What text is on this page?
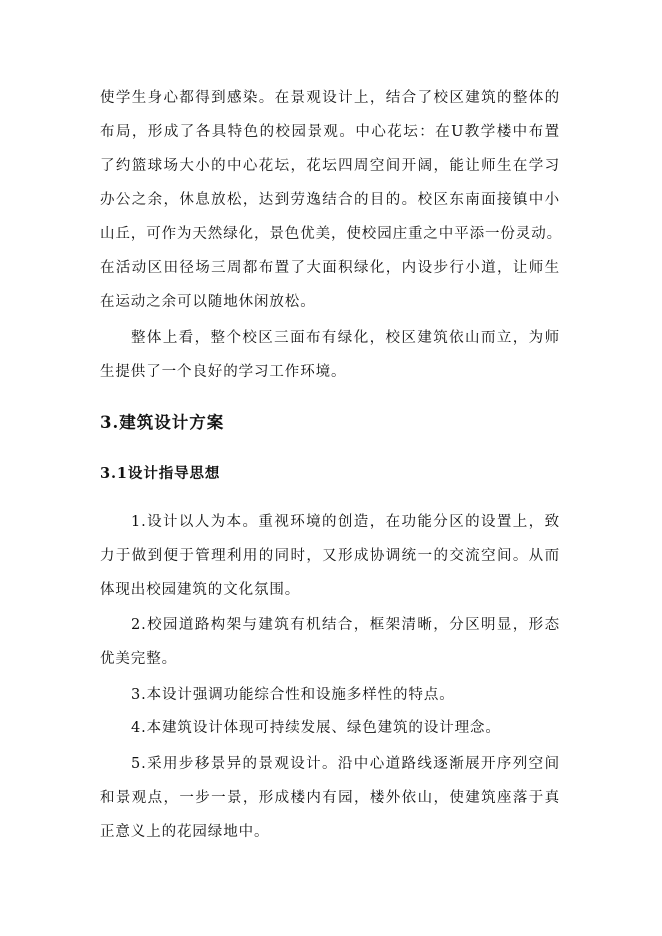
使学生身心都得到感染。在景观设计上，结合了校区建筑的整体的
布局，形成了各具特色的校园景观。中心花坛：在U教学楼中布置
了约篮球场大小的中心花坛，花坛四周空间开阔，能让师生在学习
办公之余，休息放松，达到劳逸结合的目的。校区东南面接镇中小
山丘，可作为天然绿化，景色优美，使校园庄重之中平添一份灵动。
在活动区田径场三周都布置了大面积绿化，内设步行小道，让师生
在运动之余可以随地休闲放松。
整体上看，整个校区三面布有绿化，校区建筑依山而立，为师
生提供了一个良好的学习工作环境。
3.建筑设计方案
3.1设计指导思想
1.设计以人为本。重视环境的创造，在功能分区的设置上，致
力于做到便于管理利用的同时，又形成协调统一的交流空间。从而
体现出校园建筑的文化氛围。
2.校园道路构架与建筑有机结合，框架清晰，分区明显，形态
优美完整。
3.本设计强调功能综合性和设施多样性的特点。
4.本建筑设计体现可持续发展、绿色建筑的设计理念。
5.采用步移景异的景观设计。沿中心道路线逐渐展开序列空间
和景观点，一步一景，形成楼内有园，楼外依山，使建筑座落于真
正意义上的花园绿地中。
